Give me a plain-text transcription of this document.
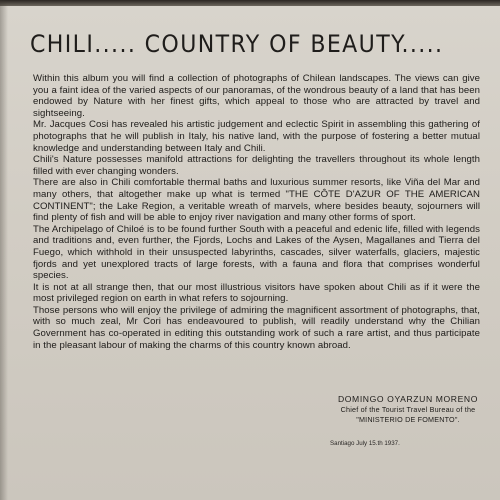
CHILI..... COUNTRY OF BEAUTY.....

Within this album you will find a collection of photographs of Chilean landscapes. The views can give you a faint idea of the varied aspects of our panoramas, of the wondrous beauty of a land that has been endowed by Nature with her finest gifts, which appeal to those who are attracted by travel and sightseeing.

Mr. Jacques Cosi has revealed his artistic judgement and eclectic Spirit in assembling this gathering of photographs that he will publish in Italy, his native land, with the purpose of fostering a better mutual knowledge and understanding between Italy and Chili.

Chili's Nature possesses manifold attractions for delighting the travellers throughout its whole length filled with ever changing wonders.

There are also in Chili comfortable thermal baths and luxurious summer resorts, like Viña del Mar and many others, that altogether make up what is termed "THE CÔTE D'AZUR OF THE AMERICAN CONTINENT"; the Lake Region, a veritable wreath of marvels, where besides beauty, sojourners will find plenty of fish and will be able to enjoy river navigation and many other forms of sport.

The Archipelago of Chiloé is to be found further South with a peaceful and edenic life, filled with legends and traditions and, even further, the Fjords, Lochs and Lakes of the Aysen, Magallanes and Tierra del Fuego, which withhold in their unsuspected labyrinths, cascades, silver waterfalls, glaciers, majestic fjords and yet unexplored tracts of large forests, with a fauna and flora that comprises wonderful species.

It is not at all strange then, that our most illustrious visitors have spoken about Chili as if it were the most privileged region on earth in what refers to sojourning.

Those persons who will enjoy the privilege of admiring the magnificent assortment of photographs, that, with so much zeal, Mr Cori has endeavoured to publish, will readily understand why the Chilian Government has co-operated in editing this outstanding work of such a rare artist, and thus participate in the pleasant labour of making the charms of this country known abroad.

DOMINGO OYARZUN MORENO
Chief of the Tourist Travel Bureau of the
"MINISTERIO DE FOMENTO".
Santiago July 15.th 1937.
